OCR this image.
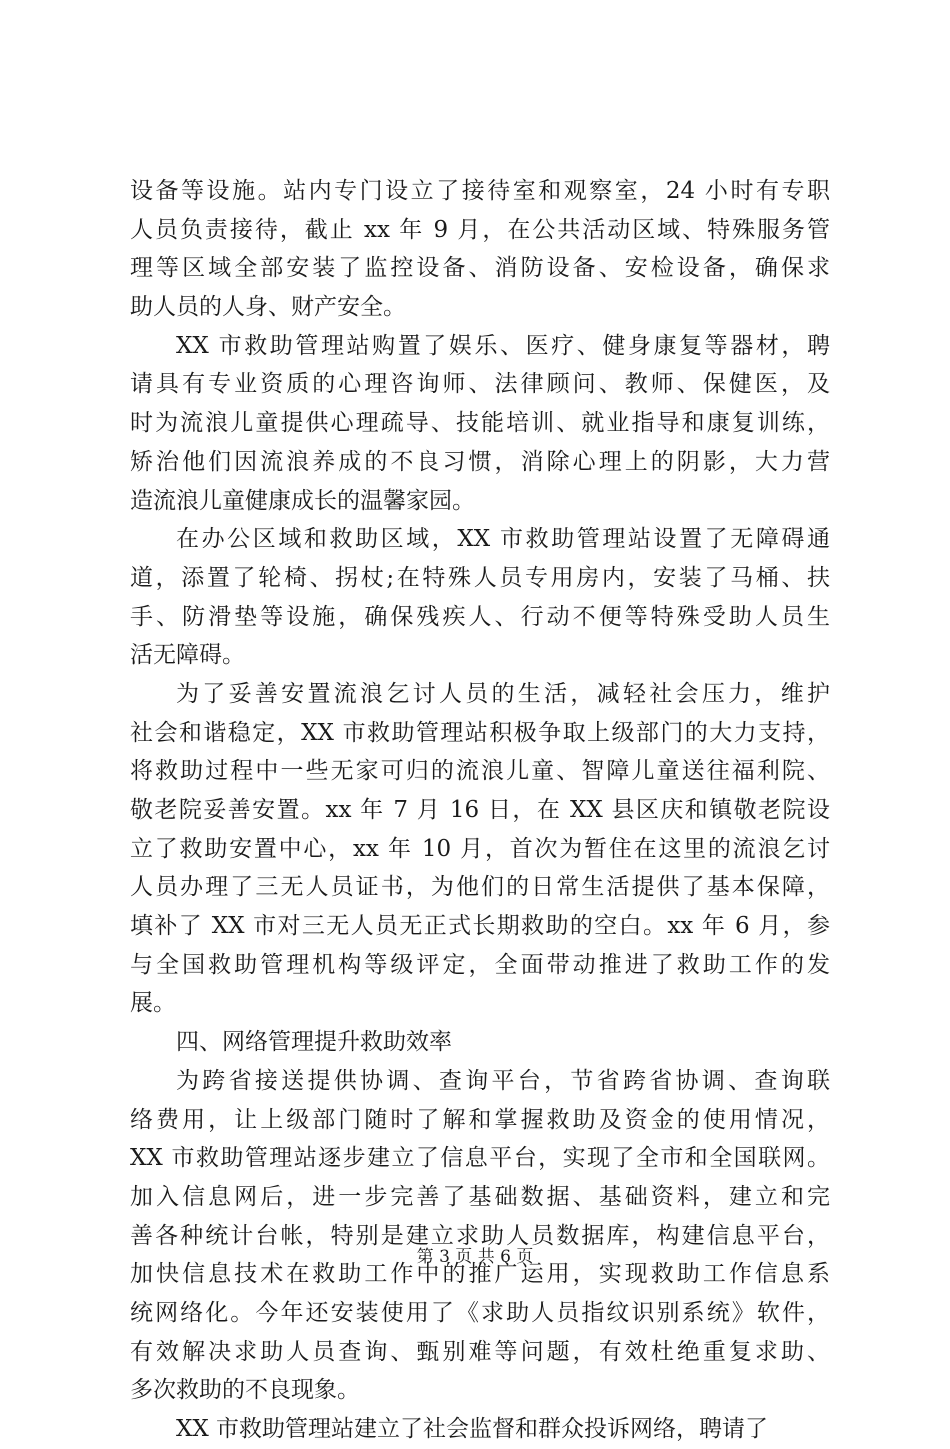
设备等设施。站内专门设立了接待室和观察室，24 小时有专职
人员负责接待，截止 xx 年 9 月，在公共活动区域、特殊服务管
理等区域全部安装了监控设备、消防设备、安检设备，确保求
助人员的人身、财产安全。
XX 市救助管理站购置了娱乐、医疗、健身康复等器材，聘
请具有专业资质的心理咨询师、法律顾问、教师、保健医，及
时为流浪儿童提供心理疏导、技能培训、就业指导和康复训练，
矫治他们因流浪养成的不良习惯，消除心理上的阴影，大力营
造流浪儿童健康成长的温馨家园。
在办公区域和救助区域，XX 市救助管理站设置了无障碍通
道，添置了轮椅、拐杖;在特殊人员专用房内，安装了马桶、扶
手、防滑垫等设施，确保残疾人、行动不便等特殊受助人员生
活无障碍。
为了妥善安置流浪乞讨人员的生活，减轻社会压力，维护
社会和谐稳定，XX 市救助管理站积极争取上级部门的大力支持，
将救助过程中一些无家可归的流浪儿童、智障儿童送往福利院、
敬老院妥善安置。xx 年 7 月 16 日，在 XX 县区庆和镇敬老院设
立了救助安置中心，xx 年 10 月，首次为暂住在这里的流浪乞讨
人员办理了三无人员证书，为他们的日常生活提供了基本保障，
填补了 XX 市对三无人员无正式长期救助的空白。xx 年 6 月，参
与全国救助管理机构等级评定，全面带动推进了救助工作的发
展。
四、网络管理提升救助效率
为跨省接送提供协调、查询平台，节省跨省协调、查询联
络费用，让上级部门随时了解和掌握救助及资金的使用情况，
XX 市救助管理站逐步建立了信息平台，实现了全市和全国联网。
加入信息网后，进一步完善了基础数据、基础资料，建立和完
善各种统计台帐，特别是建立求助人员数据库，构建信息平台，
加快信息技术在救助工作中的推广运用，实现救助工作信息系
统网络化。今年还安装使用了《求助人员指纹识别系统》软件，
有效解决求助人员查询、甄别难等问题，有效杜绝重复求助、
多次救助的不良现象。
XX 市救助管理站建立了社会监督和群众投诉网络，聘请了
第 3 页 共 6 页
